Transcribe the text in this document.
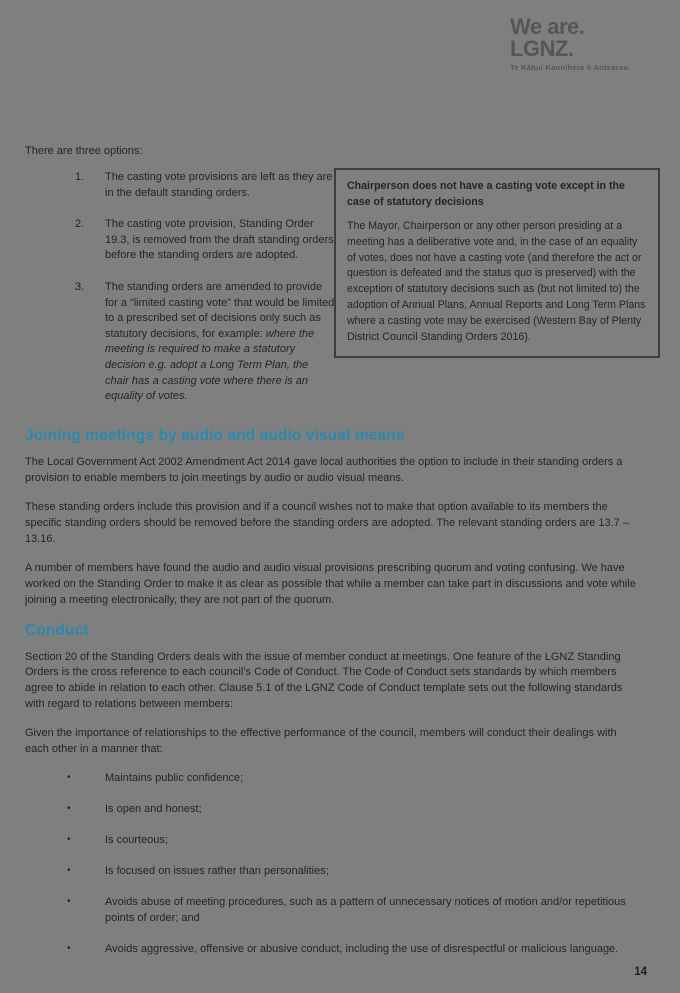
We are.
LGNZ.
Te Kāhui Kaunihera ō Aotearoa.

There are three options:

1.	The casting vote provisions are left as they are in the default standing orders.
2.	The casting vote provision, Standing Order 19.3, is removed from the draft standing orders before the standing orders are adopted.
3.	The standing orders are amended to provide for a “limited casting vote” that would be limited to a prescribed set of decisions only such as statutory decisions, for example: where the meeting is required to make a statutory decision e.g. adopt a Long Term Plan, the chair has a casting vote where there is an equality of votes.

Chairperson does not have a casting vote except in the case of statutory decisions

The Mayor, Chairperson or any other person presiding at a meeting has a deliberative vote and, in the case of an equality of votes, does not have a casting vote (and therefore the act or question is defeated and the status quo is preserved) with the exception of statutory decisions such as (but not limited to) the adoption of Annual Plans, Annual Reports and Long Term Plans where a casting vote may be exercised (Western Bay of Plenty District Council Standing Orders 2016).

Joining meetings by audio and audio visual means

The Local Government Act 2002 Amendment Act 2014 gave local authorities the option to include in their standing orders a provision to enable members to join meetings by audio or audio visual means.

These standing orders include this provision and if a council wishes not to make that option available to its members the specific standing orders should be removed before the standing orders are adopted. The relevant standing orders are 13.7 – 13.16.

A number of members have found the audio and audio visual provisions prescribing quorum and voting confusing. We have worked on the Standing Order to make it as clear as possible that while a member can take part in discussions and vote while joining a meeting electronically, they are not part of the quorum.

Conduct

Section 20 of the Standing Orders deals with the issue of member conduct at meetings. One feature of the LGNZ Standing Orders is the cross reference to each council’s Code of Conduct. The Code of Conduct sets standards by which members agree to abide in relation to each other. Clause 5.1 of the LGNZ Code of Conduct template sets out the following standards with regard to relations between members:

Given the importance of relationships to the effective performance of the council, members will conduct their dealings with each other in a manner that:

•	Maintains public confidence;
•	Is open and honest;
•	Is courteous;
•	Is focused on issues rather than personalities;
•	Avoids abuse of meeting procedures, such as a pattern of unnecessary notices of motion and/or repetitious points of order; and
•	Avoids aggressive, offensive or abusive conduct, including the use of disrespectful or malicious language.
14
